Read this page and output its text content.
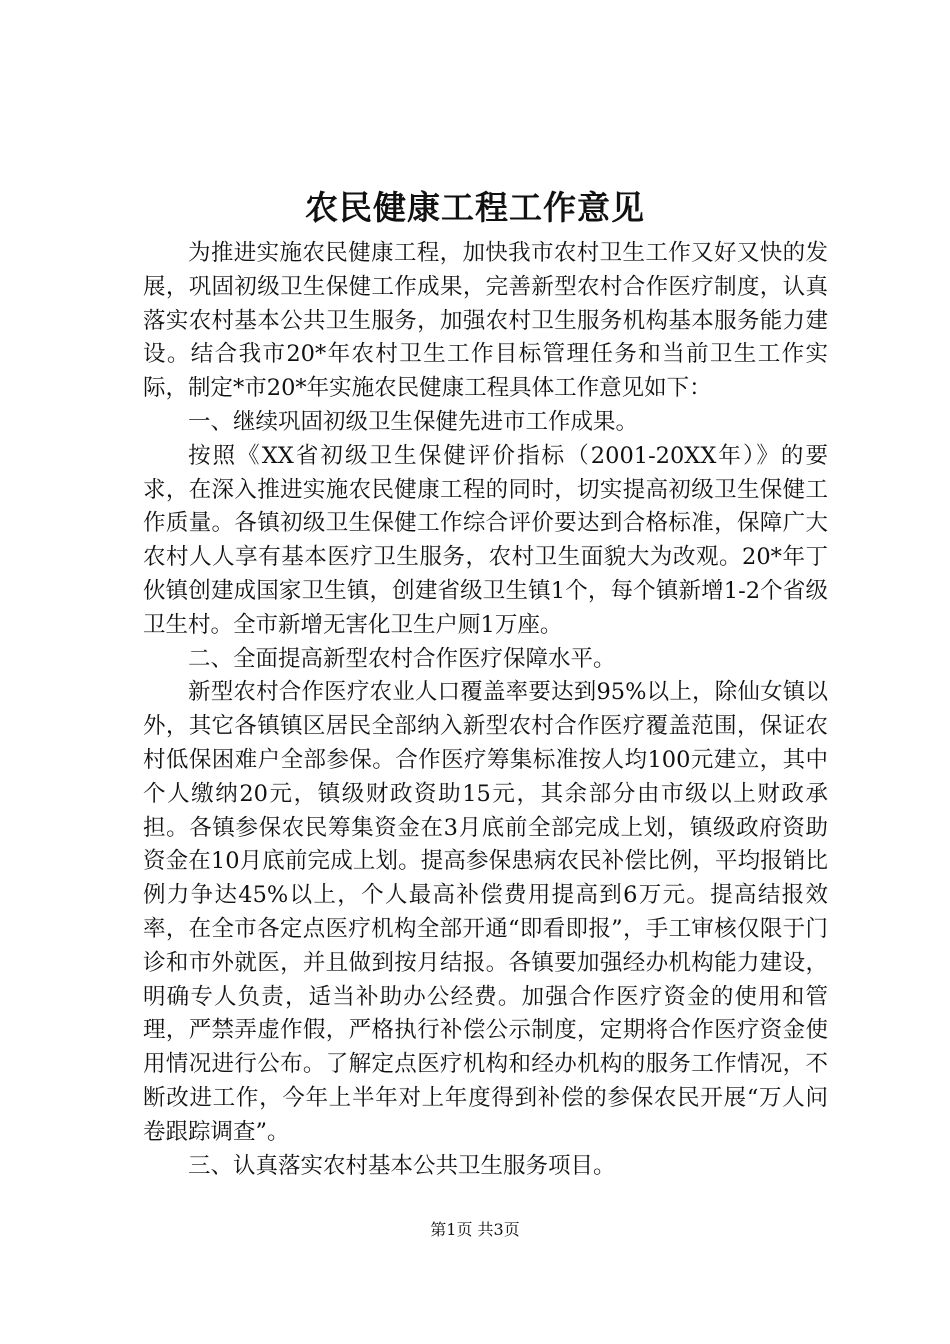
农民健康工程工作意见

为推进实施农民健康工程，加快我市农村卫生工作又好又快的发展，巩固初级卫生保健工作成果，完善新型农村合作医疗制度，认真落实农村基本公共卫生服务，加强农村卫生服务机构基本服务能力建设。结合我市20*年农村卫生工作目标管理任务和当前卫生工作实际，制定*市20*年实施农民健康工程具体工作意见如下：

一、继续巩固初级卫生保健先进市工作成果。

按照《XX省初级卫生保健评价指标（2001-20XX年）》的要求，在深入推进实施农民健康工程的同时，切实提高初级卫生保健工作质量。各镇初级卫生保健工作综合评价要达到合格标准，保障广大农村人人享有基本医疗卫生服务，农村卫生面貌大为改观。20*年丁伙镇创建成国家卫生镇，创建省级卫生镇1个，每个镇新增1-2个省级卫生村。全市新增无害化卫生户厕1万座。

二、全面提高新型农村合作医疗保障水平。

新型农村合作医疗农业人口覆盖率要达到95%以上，除仙女镇以外，其它各镇镇区居民全部纳入新型农村合作医疗覆盖范围，保证农村低保困难户全部参保。合作医疗筹集标准按人均100元建立，其中个人缴纳20元，镇级财政资助15元，其余部分由市级以上财政承担。各镇参保农民筹集资金在3月底前全部完成上划，镇级政府资助资金在10月底前完成上划。提高参保患病农民补偿比例，平均报销比例力争达45%以上，个人最高补偿费用提高到6万元。提高结报效率，在全市各定点医疗机构全部开通“即看即报”，手工审核仅限于门诊和市外就医，并且做到按月结报。各镇要加强经办机构能力建设，明确专人负责，适当补助办公经费。加强合作医疗资金的使用和管理，严禁弄虚作假，严格执行补偿公示制度，定期将合作医疗资金使用情况进行公布。了解定点医疗机构和经办机构的服务工作情况，不断改进工作，今年上半年对上年度得到补偿的参保农民开展“万人问卷跟踪调查”。

三、认真落实农村基本公共卫生服务项目。

第1页 共3页
